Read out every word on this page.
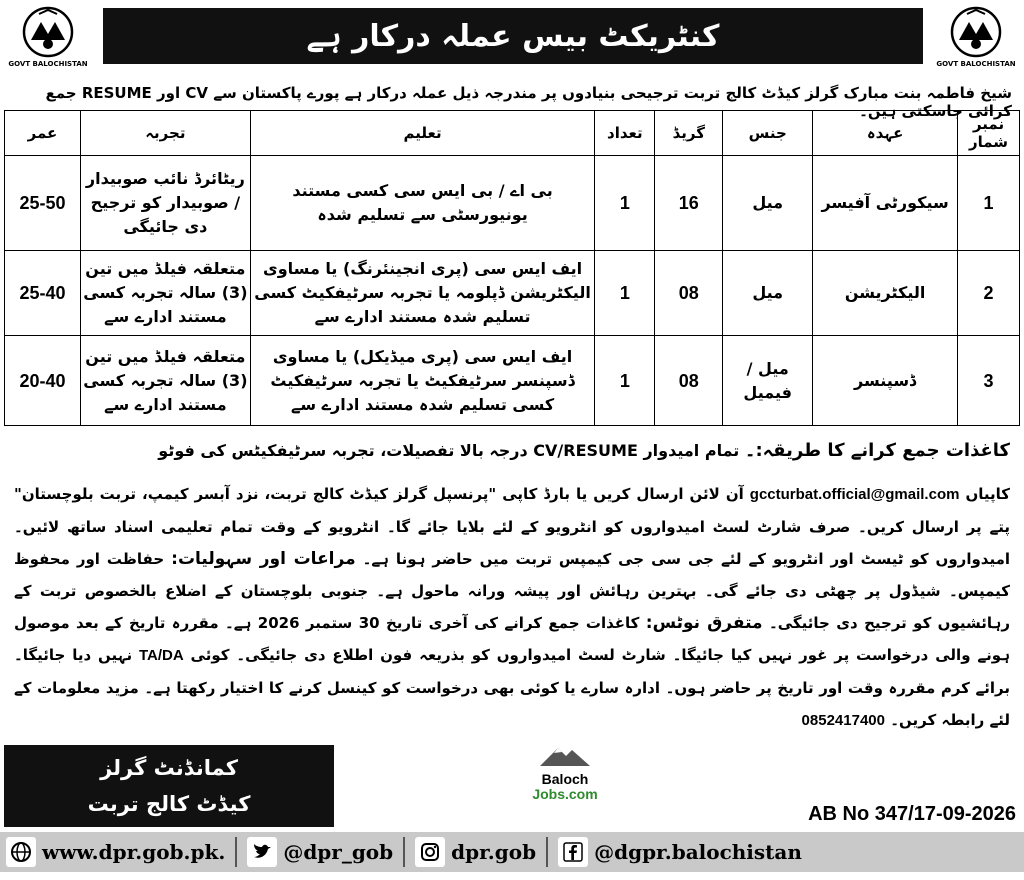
GOVT BALOCHISTAN
کنٹریکٹ بیس عملہ درکار ہے
GOVT BALOCHISTAN
شیخ فاطمہ بنت مبارک گرلز کیڈٹ کالج تربت ترجیحی بنیادوں پر مندرجہ ذیل عملہ درکار ہے پورے پاکستان سے CV اور RESUME جمع کرائی جاسکتی ہیں۔
نمبر شمار	عہدہ	جنس	گریڈ	تعداد	تعلیم	تجربہ	عمر
1	سیکورٹی آفیسر	میل	16	1	بی اے / بی ایس سی کسی مستند یونیورسٹی سے تسلیم شدہ	ریٹائرڈ نائب صوبیدار / صوبیدار کو ترجیح دی جائیگی	25-50
2	الیکٹریشن	میل	08	1	ایف ایس سی (پری انجینئرنگ) یا مساوی الیکٹریشن ڈپلومہ یا تجربہ سرٹیفکیٹ کسی تسلیم شدہ مستند ادارے سے	متعلقہ فیلڈ میں تین (3) سالہ تجربہ کسی مستند ادارے سے	25-40
3	ڈسپنسر	میل / فیمیل	08	1	ایف ایس سی (پری میڈیکل) یا مساوی ڈسپنسر سرٹیفکیٹ یا تجربہ سرٹیفکیٹ کسی تسلیم شدہ مستند ادارے سے	متعلقہ فیلڈ میں تین (3) سالہ تجربہ کسی مستند ادارے سے	20-40
کاغذات جمع کرانے کا طریقہ:۔ تمام امیدوار CV/RESUME درجہ بالا تفصیلات، تجربہ سرٹیفکیٹس کی فوٹو
کاپیاں gccturbat.official@gmail.com آن لائن ارسال کریں یا بارڈ کاپی "پرنسپل گرلز کیڈٹ کالج تربت، نزد آبسر کیمپ، تربت بلوچستان" پتے پر ارسال کریں۔ صرف شارٹ لسٹ امیدواروں کو انٹرویو کے لئے بلایا جائے گا۔ انٹرویو کے وقت تمام تعلیمی اسناد ساتھ لائیں۔ امیدواروں کو ٹیسٹ اور انٹرویو کے لئے جی سی جی کیمپس تربت میں حاضر ہونا ہے۔ مراعات اور سہولیات: حفاظت اور محفوظ کیمپس۔ شیڈول پر چھٹی دی جائے گی۔ بہترین رہائش اور پیشہ ورانہ ماحول ہے۔ جنوبی بلوچستان کے اضلاع بالخصوص تربت کے رہائشیوں کو ترجیح دی جائیگی۔ متفرق نوٹس: کاغذات جمع کرانے کی آخری تاریخ 30 ستمبر 2026 ہے۔ مقررہ تاریخ کے بعد موصول ہونے والی درخواست پر غور نہیں کیا جائیگا۔ شارٹ لسٹ امیدواروں کو بذریعہ فون اطلاع دی جائیگی۔ کوئی TA/DA نہیں دیا جائیگا۔ برائے کرم مقررہ وقت اور تاریخ پر حاضر ہوں۔ ادارہ سارے یا کوئی بھی درخواست کو کینسل کرنے کا اختیار رکھتا ہے۔ مزید معلومات کے لئے رابطہ کریں۔ 0852417400
کمانڈنٹ گرلز
کیڈٹ کالج تربت
Baloch
Jobs.com
AB No 347/17-09-2026
www.dpr.gob.pk.	@dpr_gob	dpr.gob	@dgpr.balochistan
